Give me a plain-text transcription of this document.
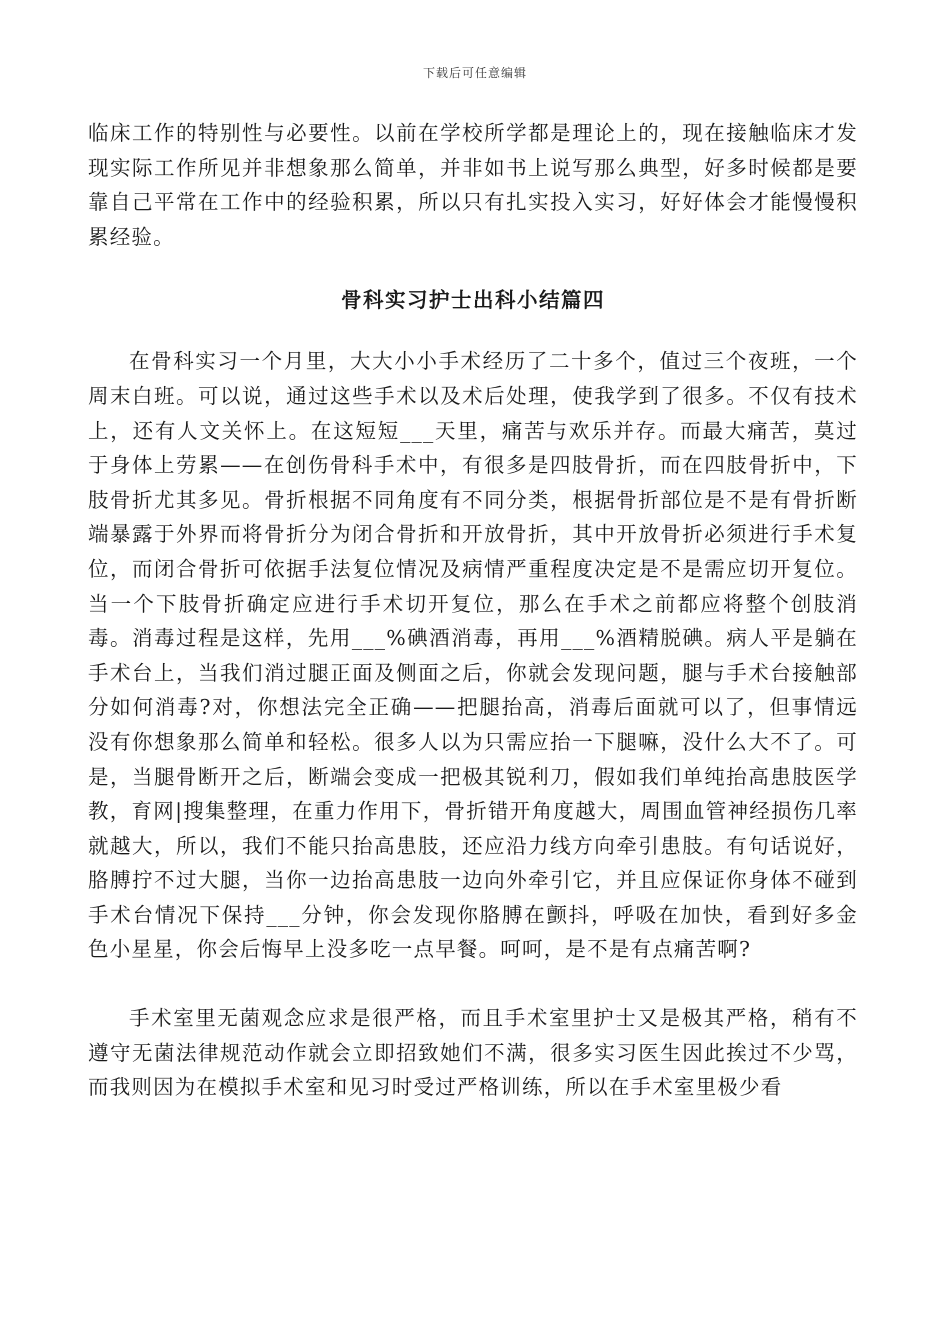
下载后可任意编辑

临床工作的特别性与必要性。以前在学校所学都是理论上的，现在接触临床才发现实际工作所见并非想象那么简单，并非如书上说写那么典型，好多时候都是要靠自己平常在工作中的经验积累，所以只有扎实投入实习，好好体会才能慢慢积累经验。

骨科实习护士出科小结篇四

在骨科实习一个月里，大大小小手术经历了二十多个，值过三个夜班，一个周末白班。可以说，通过这些手术以及术后处理，使我学到了很多。不仅有技术上，还有人文关怀上。在这短短___天里，痛苦与欢乐并存。而最大痛苦，莫过于身体上劳累——在创伤骨科手术中，有很多是四肢骨折，而在四肢骨折中，下肢骨折尤其多见。骨折根据不同角度有不同分类，根据骨折部位是不是有骨折断端暴露于外界而将骨折分为闭合骨折和开放骨折，其中开放骨折必须进行手术复位，而闭合骨折可依据手法复位情况及病情严重程度决定是不是需应切开复位。当一个下肢骨折确定应进行手术切开复位，那么在手术之前都应将整个创肢消毒。消毒过程是这样，先用___%碘酒消毒，再用___%酒精脱碘。病人平是躺在手术台上，当我们消过腿正面及侧面之后，你就会发现问题，腿与手术台接触部分如何消毒?对，你想法完全正确——把腿抬高，消毒后面就可以了，但事情远没有你想象那么简单和轻松。很多人以为只需应抬一下腿嘛，没什么大不了。可是，当腿骨断开之后，断端会变成一把极其锐利刀，假如我们单纯抬高患肢医学教，育网|搜集整理，在重力作用下，骨折错开角度越大，周围血管神经损伤几率就越大，所以，我们不能只抬高患肢，还应沿力线方向牵引患肢。有句话说好，胳膊拧不过大腿，当你一边抬高患肢一边向外牵引它，并且应保证你身体不碰到手术台情况下保持___分钟，你会发现你胳膊在颤抖，呼吸在加快，看到好多金色小星星，你会后悔早上没多吃一点早餐。呵呵，是不是有点痛苦啊?

手术室里无菌观念应求是很严格，而且手术室里护士又是极其严格，稍有不遵守无菌法律规范动作就会立即招致她们不满，很多实习医生因此挨过不少骂，而我则因为在模拟手术室和见习时受过严格训练，所以在手术室里极少看
